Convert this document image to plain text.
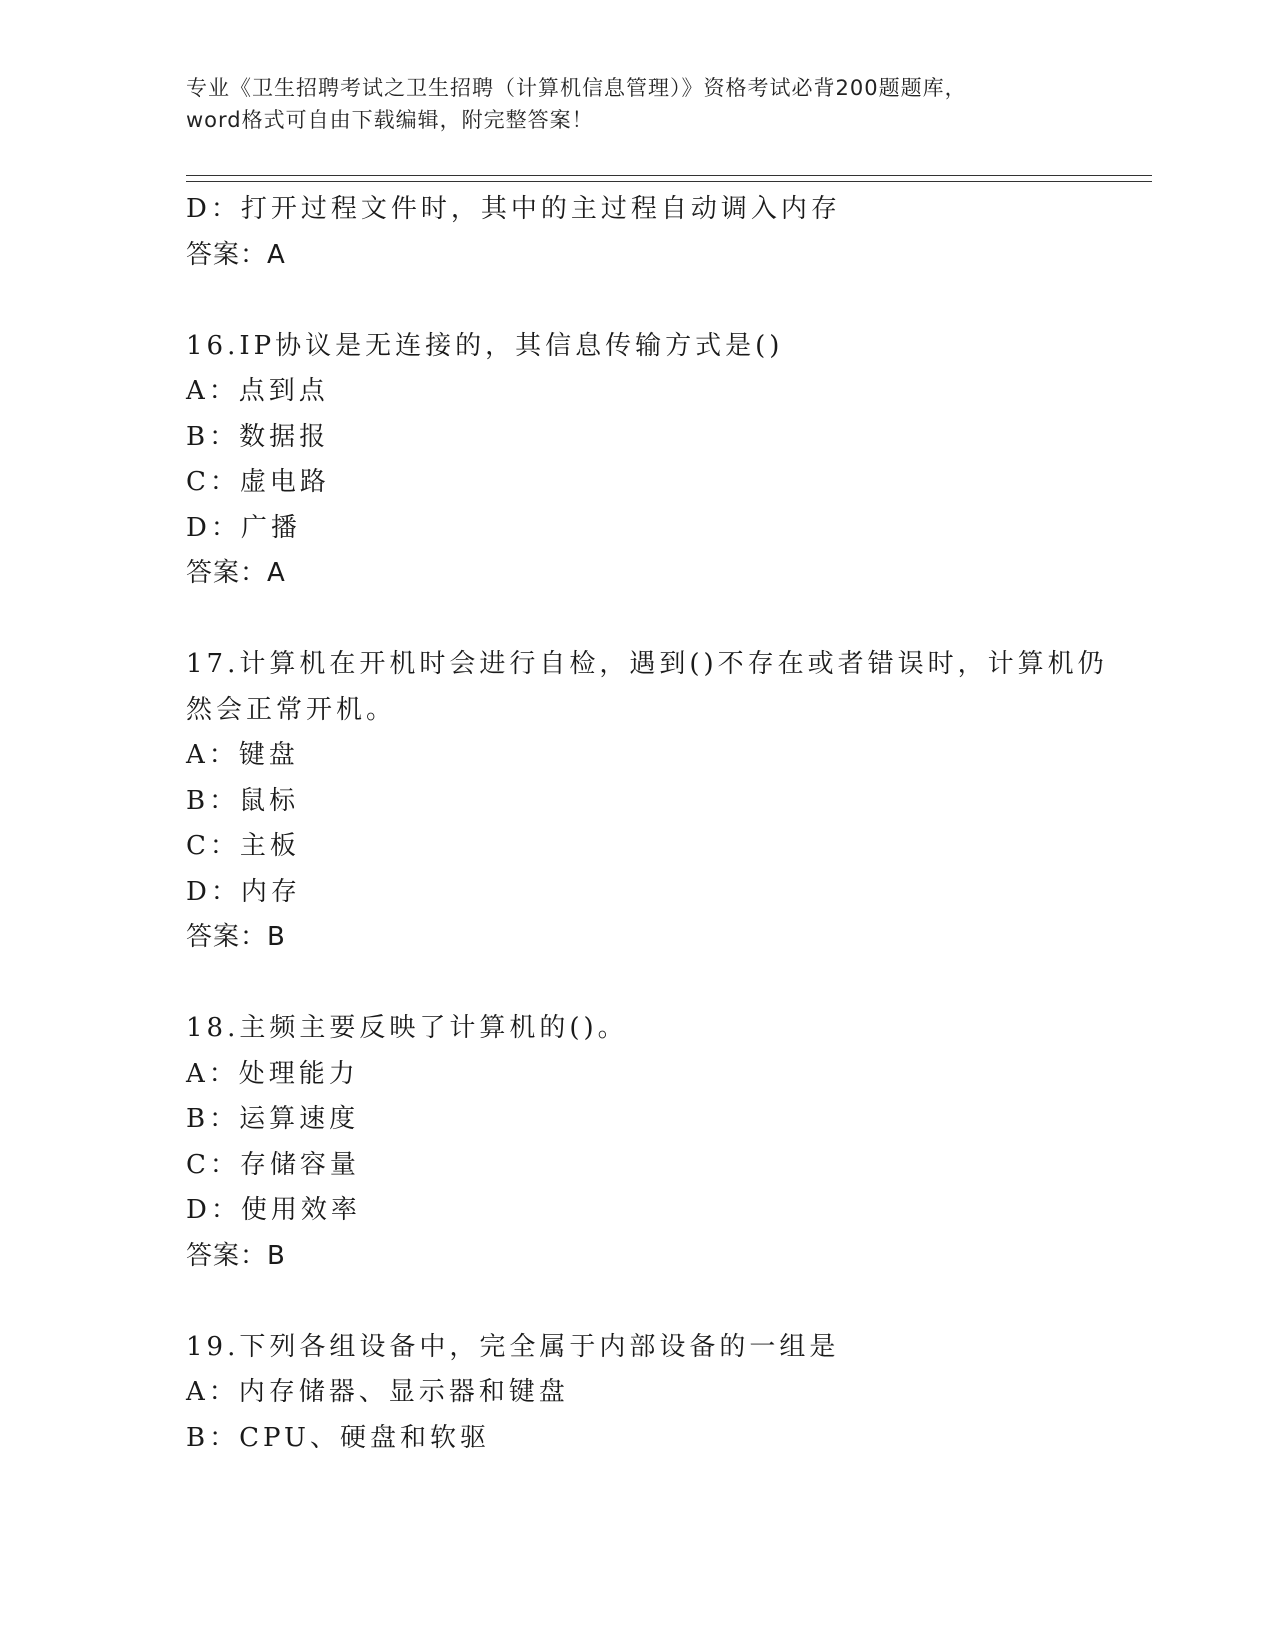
专业《卫生招聘考试之卫生招聘（计算机信息管理）》资格考试必背200题题库，
word格式可自由下载编辑，附完整答案！
D：打开过程文件时，其中的主过程自动调入内存
答案：A
16.IP协议是无连接的，其信息传输方式是()
A：点到点
B：数据报
C：虚电路
D：广播
答案：A
17.计算机在开机时会进行自检，遇到()不存在或者错误时，计算机仍
然会正常开机。
A：键盘
B：鼠标
C：主板
D：内存
答案：B
18.主频主要反映了计算机的()。
A：处理能力
B：运算速度
C：存储容量
D：使用效率
答案：B
19.下列各组设备中，完全属于内部设备的一组是
A：内存储器、显示器和键盘
B：CPU、硬盘和软驱
